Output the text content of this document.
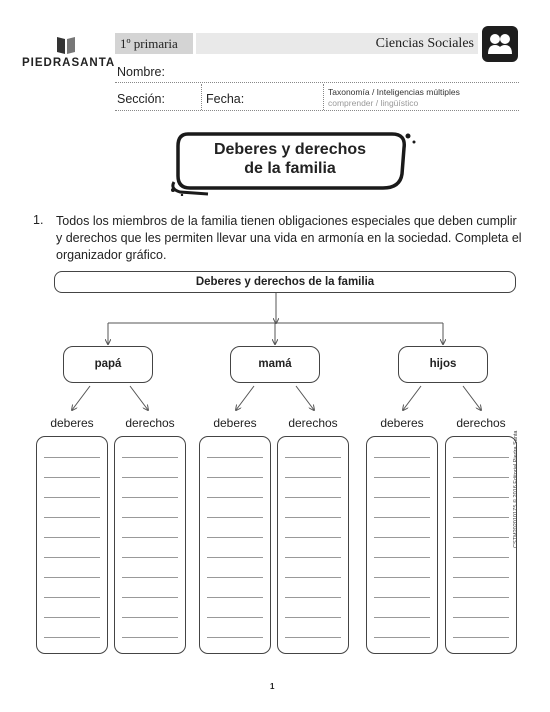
PIEDRASANTA
1º primaria	Ciencias Sociales
Nombre:
Sección:	Fecha:	Taxonomía / Inteligencias múltiples
comprender / lingüístico
Deberes y derechos
de la familia
1. Todos los miembros de la familia tienen obligaciones especiales que deben cumplir y derechos que les permiten llevar una vida en armonía en la sociedad. Completa el organizador gráfico.
Deberes y derechos de la familia
papá	mamá	hijos
deberes	derechos	deberes	derechos	deberes	derechos
CSTM2020101Z5 © 2016 Editorial Piedra Santa
1
